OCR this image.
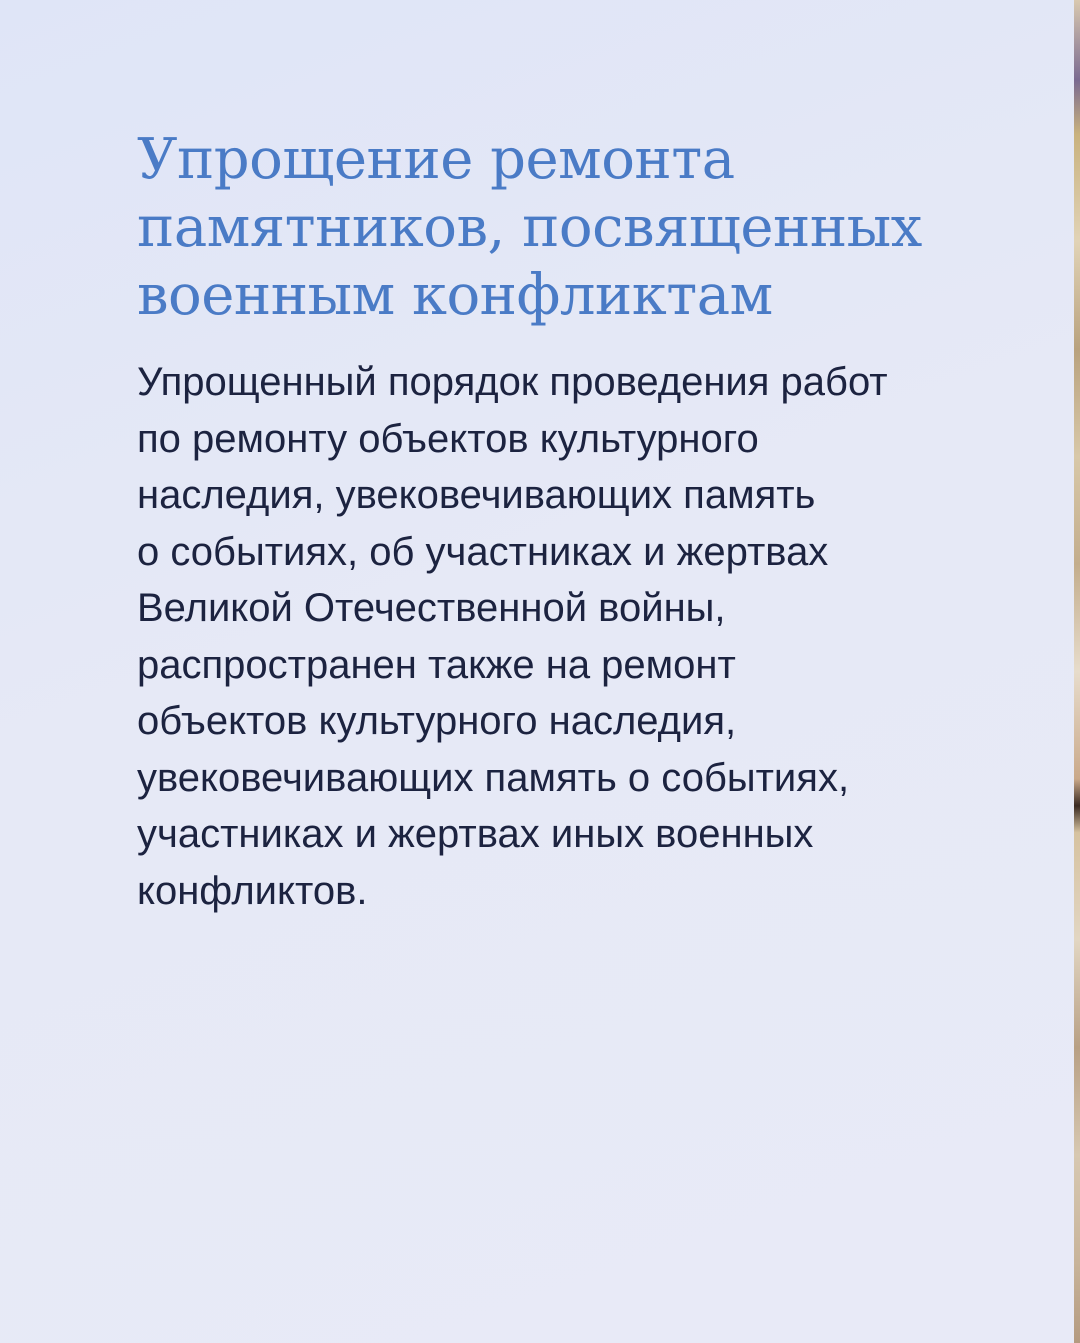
Упрощение ремонта
памятников, посвященных
военным конфликтам

Упрощенный порядок проведения работ
по ремонту объектов культурного
наследия, увековечивающих память
о событиях, об участниках и жертвах
Великой Отечественной войны,
распространен также на ремонт
объектов культурного наследия,
увековечивающих память о событиях,
участниках и жертвах иных военных
конфликтов.
